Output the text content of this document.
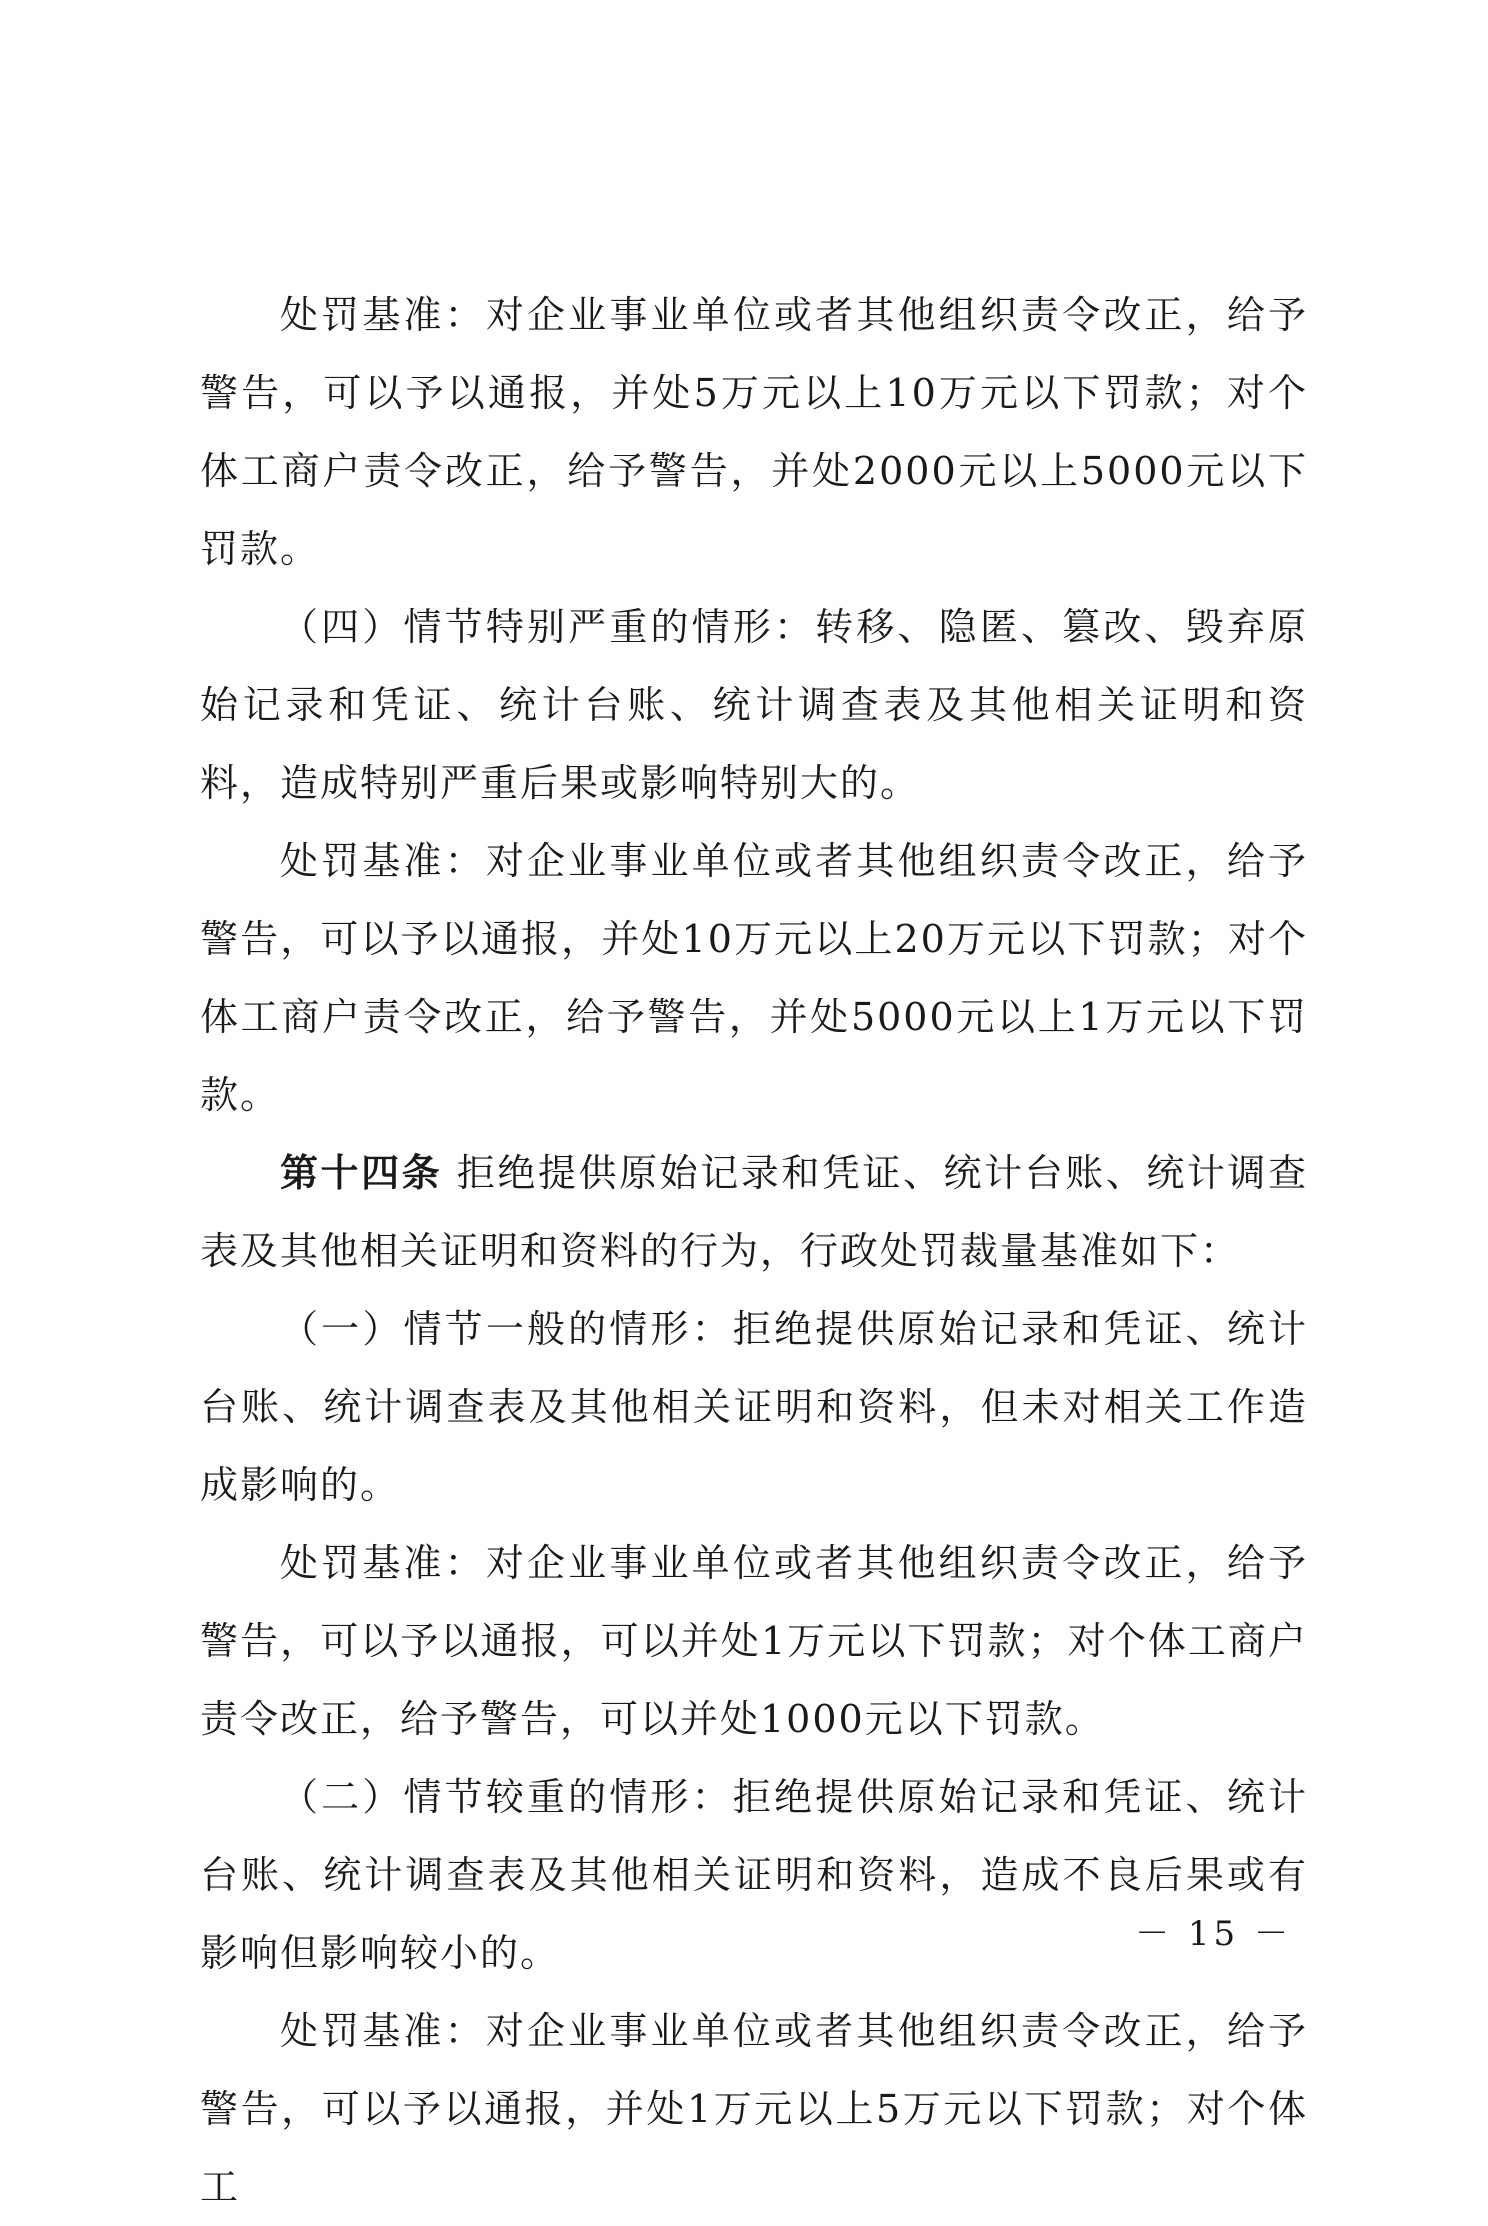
处罚基准：对企业事业单位或者其他组织责令改正，给予警告，可以予以通报，并处5万元以上10万元以下罚款；对个体工商户责令改正，给予警告，并处2000元以上5000元以下罚款。

（四）情节特别严重的情形：转移、隐匿、篡改、毁弃原始记录和凭证、统计台账、统计调查表及其他相关证明和资料，造成特别严重后果或影响特别大的。

处罚基准：对企业事业单位或者其他组织责令改正，给予警告，可以予以通报，并处10万元以上20万元以下罚款；对个体工商户责令改正，给予警告，并处5000元以上1万元以下罚款。

第十四条 拒绝提供原始记录和凭证、统计台账、统计调查表及其他相关证明和资料的行为，行政处罚裁量基准如下：

（一）情节一般的情形：拒绝提供原始记录和凭证、统计台账、统计调查表及其他相关证明和资料，但未对相关工作造成影响的。

处罚基准：对企业事业单位或者其他组织责令改正，给予警告，可以予以通报，可以并处1万元以下罚款；对个体工商户责令改正，给予警告，可以并处1000元以下罚款。

（二）情节较重的情形：拒绝提供原始记录和凭证、统计台账、统计调查表及其他相关证明和资料，造成不良后果或有影响但影响较小的。

处罚基准：对企业事业单位或者其他组织责令改正，给予警告，可以予以通报，并处1万元以上5万元以下罚款；对个体工

－ 15 －
